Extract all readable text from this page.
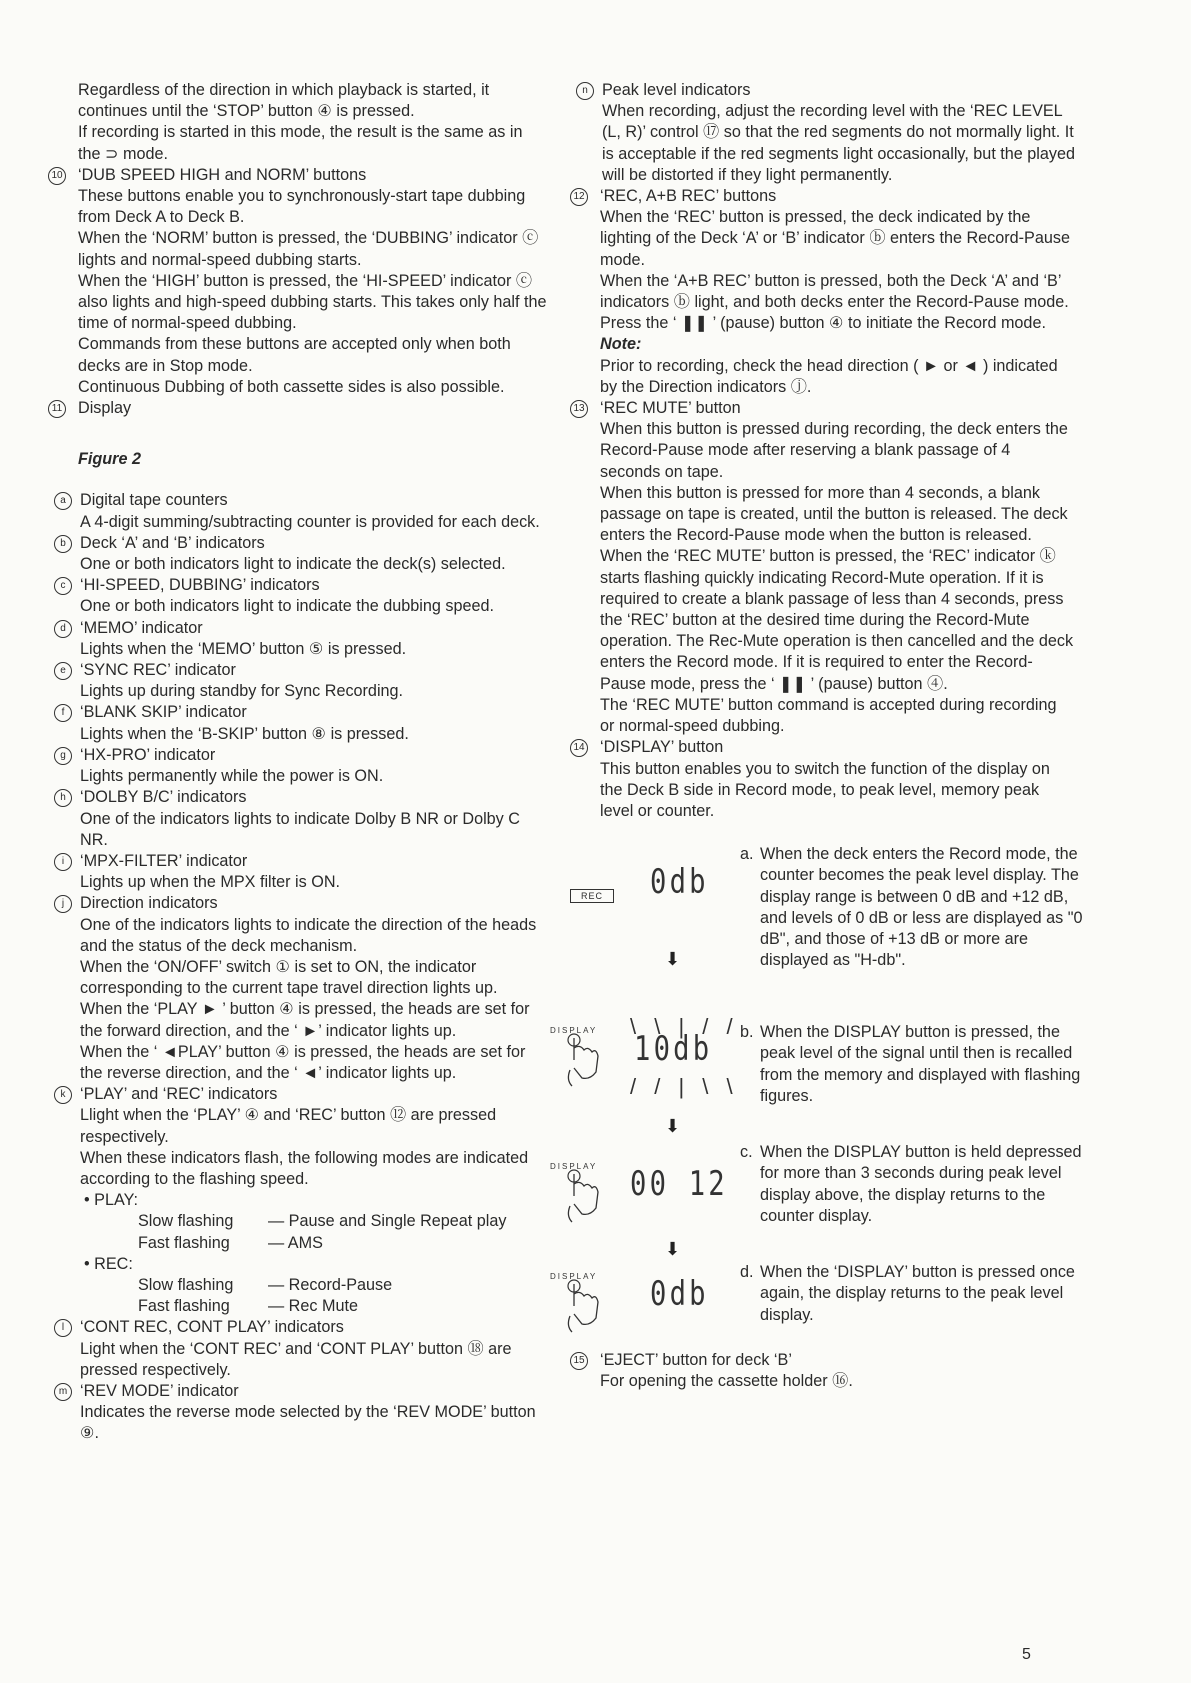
Regardless of the direction in which playback is started, it continues until the ‘STOP’ button ④ is pressed.

If recording is started in this mode, the result is the same as in the ⊃ mode.

10 ‘DUB SPEED HIGH and NORM’ buttons

These buttons enable you to synchronously-start tape dubbing from Deck A to Deck B.

When the ‘NORM’ button is pressed, the ‘DUBBING’ indicator ⓒ lights and normal-speed dubbing starts.

When the ‘HIGH’ button is pressed, the ‘HI-SPEED’ indicator ⓒ also lights and high-speed dubbing starts. This takes only half the time of normal-speed dubbing.

Commands from these buttons are accepted only when both decks are in Stop mode.

Continuous Dubbing of both cassette sides is also possible.

11 Display

Figure 2
a Digital tape counters

A 4-digit summing/subtracting counter is provided for each deck.

b Deck ‘A’ and ‘B’ indicators

One or both indicators light to indicate the deck(s) selected.

c ‘HI-SPEED, DUBBING’ indicators

One or both indicators light to indicate the dubbing speed.

d ‘MEMO’ indicator

Lights when the ‘MEMO’ button ⑤ is pressed.

e ‘SYNC REC’ indicator

Lights up during standby for Sync Recording.

f ‘BLANK SKIP’ indicator

Lights when the ‘B-SKIP’ button ⑧ is pressed.

g ‘HX-PRO’ indicator

Lights permanently while the power is ON.

h ‘DOLBY B/C’ indicators

One of the indicators lights to indicate Dolby B NR or Dolby C NR.

i ‘MPX-FILTER’ indicator

Lights up when the MPX filter is ON.

j Direction indicators

One of the indicators lights to indicate the direction of the heads and the status of the deck mechanism.

When the ‘ON/OFF’ switch ① is set to ON, the indicator corresponding to the current tape travel direction lights up.

When the ‘PLAY ► ’ button ④ is pressed, the heads are set for the forward direction, and the ‘ ►’ indicator lights up.

When the ‘ ◄PLAY’ button ④ is pressed, the heads are set for the reverse direction, and the ‘ ◄’ indicator lights up.

k ‘PLAY’ and ‘REC’ indicators

Llight when the ‘PLAY’ ④ and ‘REC’ button ⑫ are pressed respectively.

When these indicators flash, the following modes are indicated according to the flashing speed.

• PLAY:
Slow flashing	— Pause and Single Repeat play
Fast flashing	— AMS
• REC:
Slow flashing	— Record-Pause
Fast flashing	— Rec Mute
l ‘CONT REC, CONT PLAY’ indicators

Light when the ‘CONT REC’ and ‘CONT PLAY’ button ⑱ are pressed respectively.

m ‘REV MODE’ indicator

Indicates the reverse mode selected by the ‘REV MODE’ button ⑨.

n Peak level indicators

When recording, adjust the recording level with the ‘REC LEVEL (L, R)’ control ⑰ so that the red segments do not mormally light. It is acceptable if the red segments light occasionally, but the played will be distorted if they light permanently.

12 ‘REC, A+B REC’ buttons

When the ‘REC’ button is pressed, the deck indicated by the lighting of the Deck ‘A’ or ‘B’ indicator ⓑ enters the Record-Pause mode.

When the ‘A+B REC’ button is pressed, both the Deck ‘A’ and ‘B’ indicators ⓑ light, and both decks enter the Record-Pause mode.

Press the ‘ ❚❚ ’ (pause) button ④ to initiate the Record mode.

Note:

Prior to recording, check the head direction ( ► or ◄ ) indicated by the Direction indicators ⓙ.

13 ‘REC MUTE’ button

When this button is pressed during recording, the deck enters the Record-Pause mode after reserving a blank passage of 4 seconds on tape.

When this button is pressed for more than 4 seconds, a blank passage on tape is created, until the button is released. The deck enters the Record-Pause mode when the button is released.

When the ‘REC MUTE’ button is pressed, the ‘REC’ indicator ⓚ starts flashing quickly indicating Record-Mute operation. If it is required to create a blank passage of less than 4 seconds, press the ‘REC’ button at the desired time during the Record-Mute operation. The Rec-Mute operation is then cancelled and the deck enters the Record mode. If it is required to enter the Record-Pause mode, press the ‘ ❚❚ ’ (pause) button ④.

The ‘REC MUTE’ button command is accepted during recording or normal-speed dubbing.

14 ‘DISPLAY’ button

This button enables you to switch the function of the display on the Deck B side in Record mode, to peak level, memory peak level or counter.

REC	0db
⬇
DISPLAY \ \ | / /
10db
/ / | \ \
⬇
DISPLAY 00 12
⬇
DISPLAY 0db
a. When the deck enters the Record mode, the counter becomes the peak level display. The display range is between 0 dB and +12 dB, and levels of 0 dB or less are displayed as "0 dB", and those of +13 dB or more are displayed as "H-db".

b. When the DISPLAY button is pressed, the peak level of the signal until then is recalled from the memory and displayed with flashing figures.

c. When the DISPLAY button is held depressed for more than 3 seconds during peak level display above, the display returns to the counter display.

d. When the ‘DISPLAY’ button is pressed once again, the display returns to the peak level display.

15 ‘EJECT’ button for deck ‘B’

For opening the cassette holder ⑯.

5
